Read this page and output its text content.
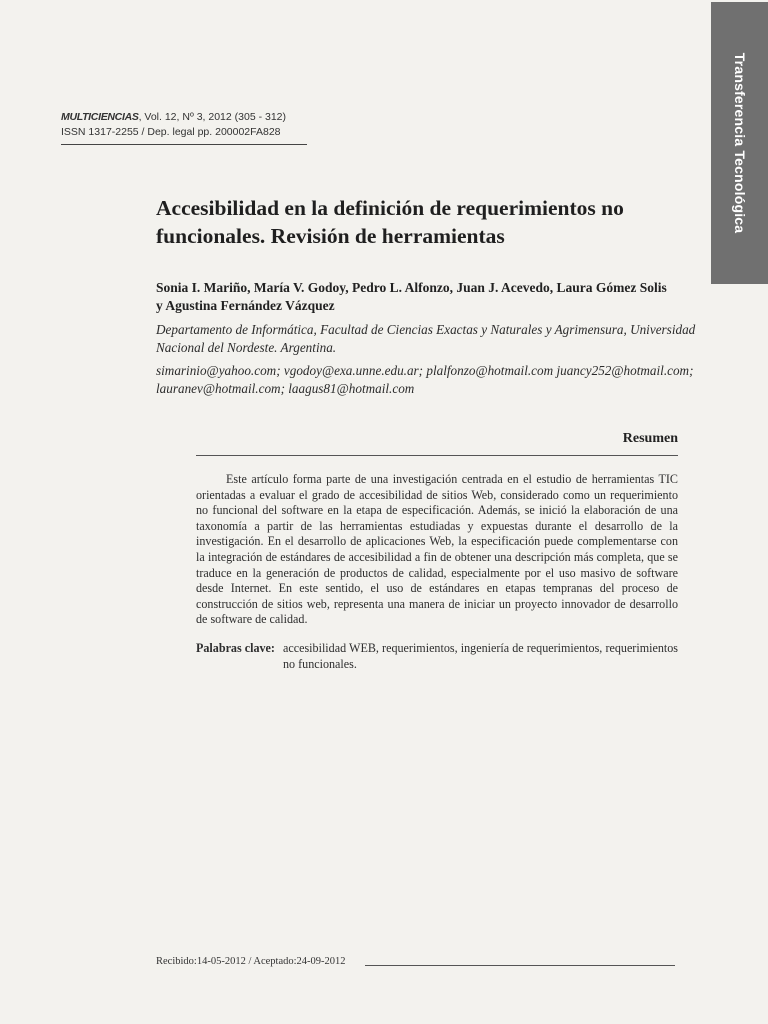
MULTICIENCIAS, Vol. 12, Nº 3, 2012 (305 - 312)
ISSN 1317-2255 / Dep. legal pp. 200002FA828	Transferencia Tecnológica
Accesibilidad en la definición de requerimientos no funcionales. Revisión de herramientas

Sonia I. Mariño, María V. Godoy, Pedro L. Alfonzo, Juan J. Acevedo, Laura Gómez Solis y Agustina Fernández Vázquez

Departamento de Informática, Facultad de Ciencias Exactas y Naturales y Agrimensura, Universidad Nacional del Nordeste. Argentina.

simarinio@yahoo.com; vgodoy@exa.unne.edu.ar; plalfonzo@hotmail.com juancy252@hotmail.com; lauranev@hotmail.com; laagus81@hotmail.com

Resumen

Este artículo forma parte de una investigación centrada en el estudio de herramientas TIC orientadas a evaluar el grado de accesibilidad de sitios Web, considerado como un requerimiento no funcional del software en la etapa de especificación. Además, se inició la elaboración de una taxonomía a partir de las herramientas estudiadas y expuestas durante el desarrollo de la investigación. En el desarrollo de aplicaciones Web, la especificación puede complementarse con la integración de estándares de accesibilidad a fin de obtener una descripción más completa, que se traduce en la generación de productos de calidad, especialmente por el uso masivo de software desde Internet. En este sentido, el uso de estándares en etapas tempranas del proceso de construcción de sitios web, representa una manera de iniciar un proyecto innovador de desarrollo de software de calidad.

Palabras clave: accesibilidad WEB, requerimientos, ingeniería de requerimientos, requerimientos no funcionales.
Recibido:14-05-2012 / Aceptado:24-09-2012
